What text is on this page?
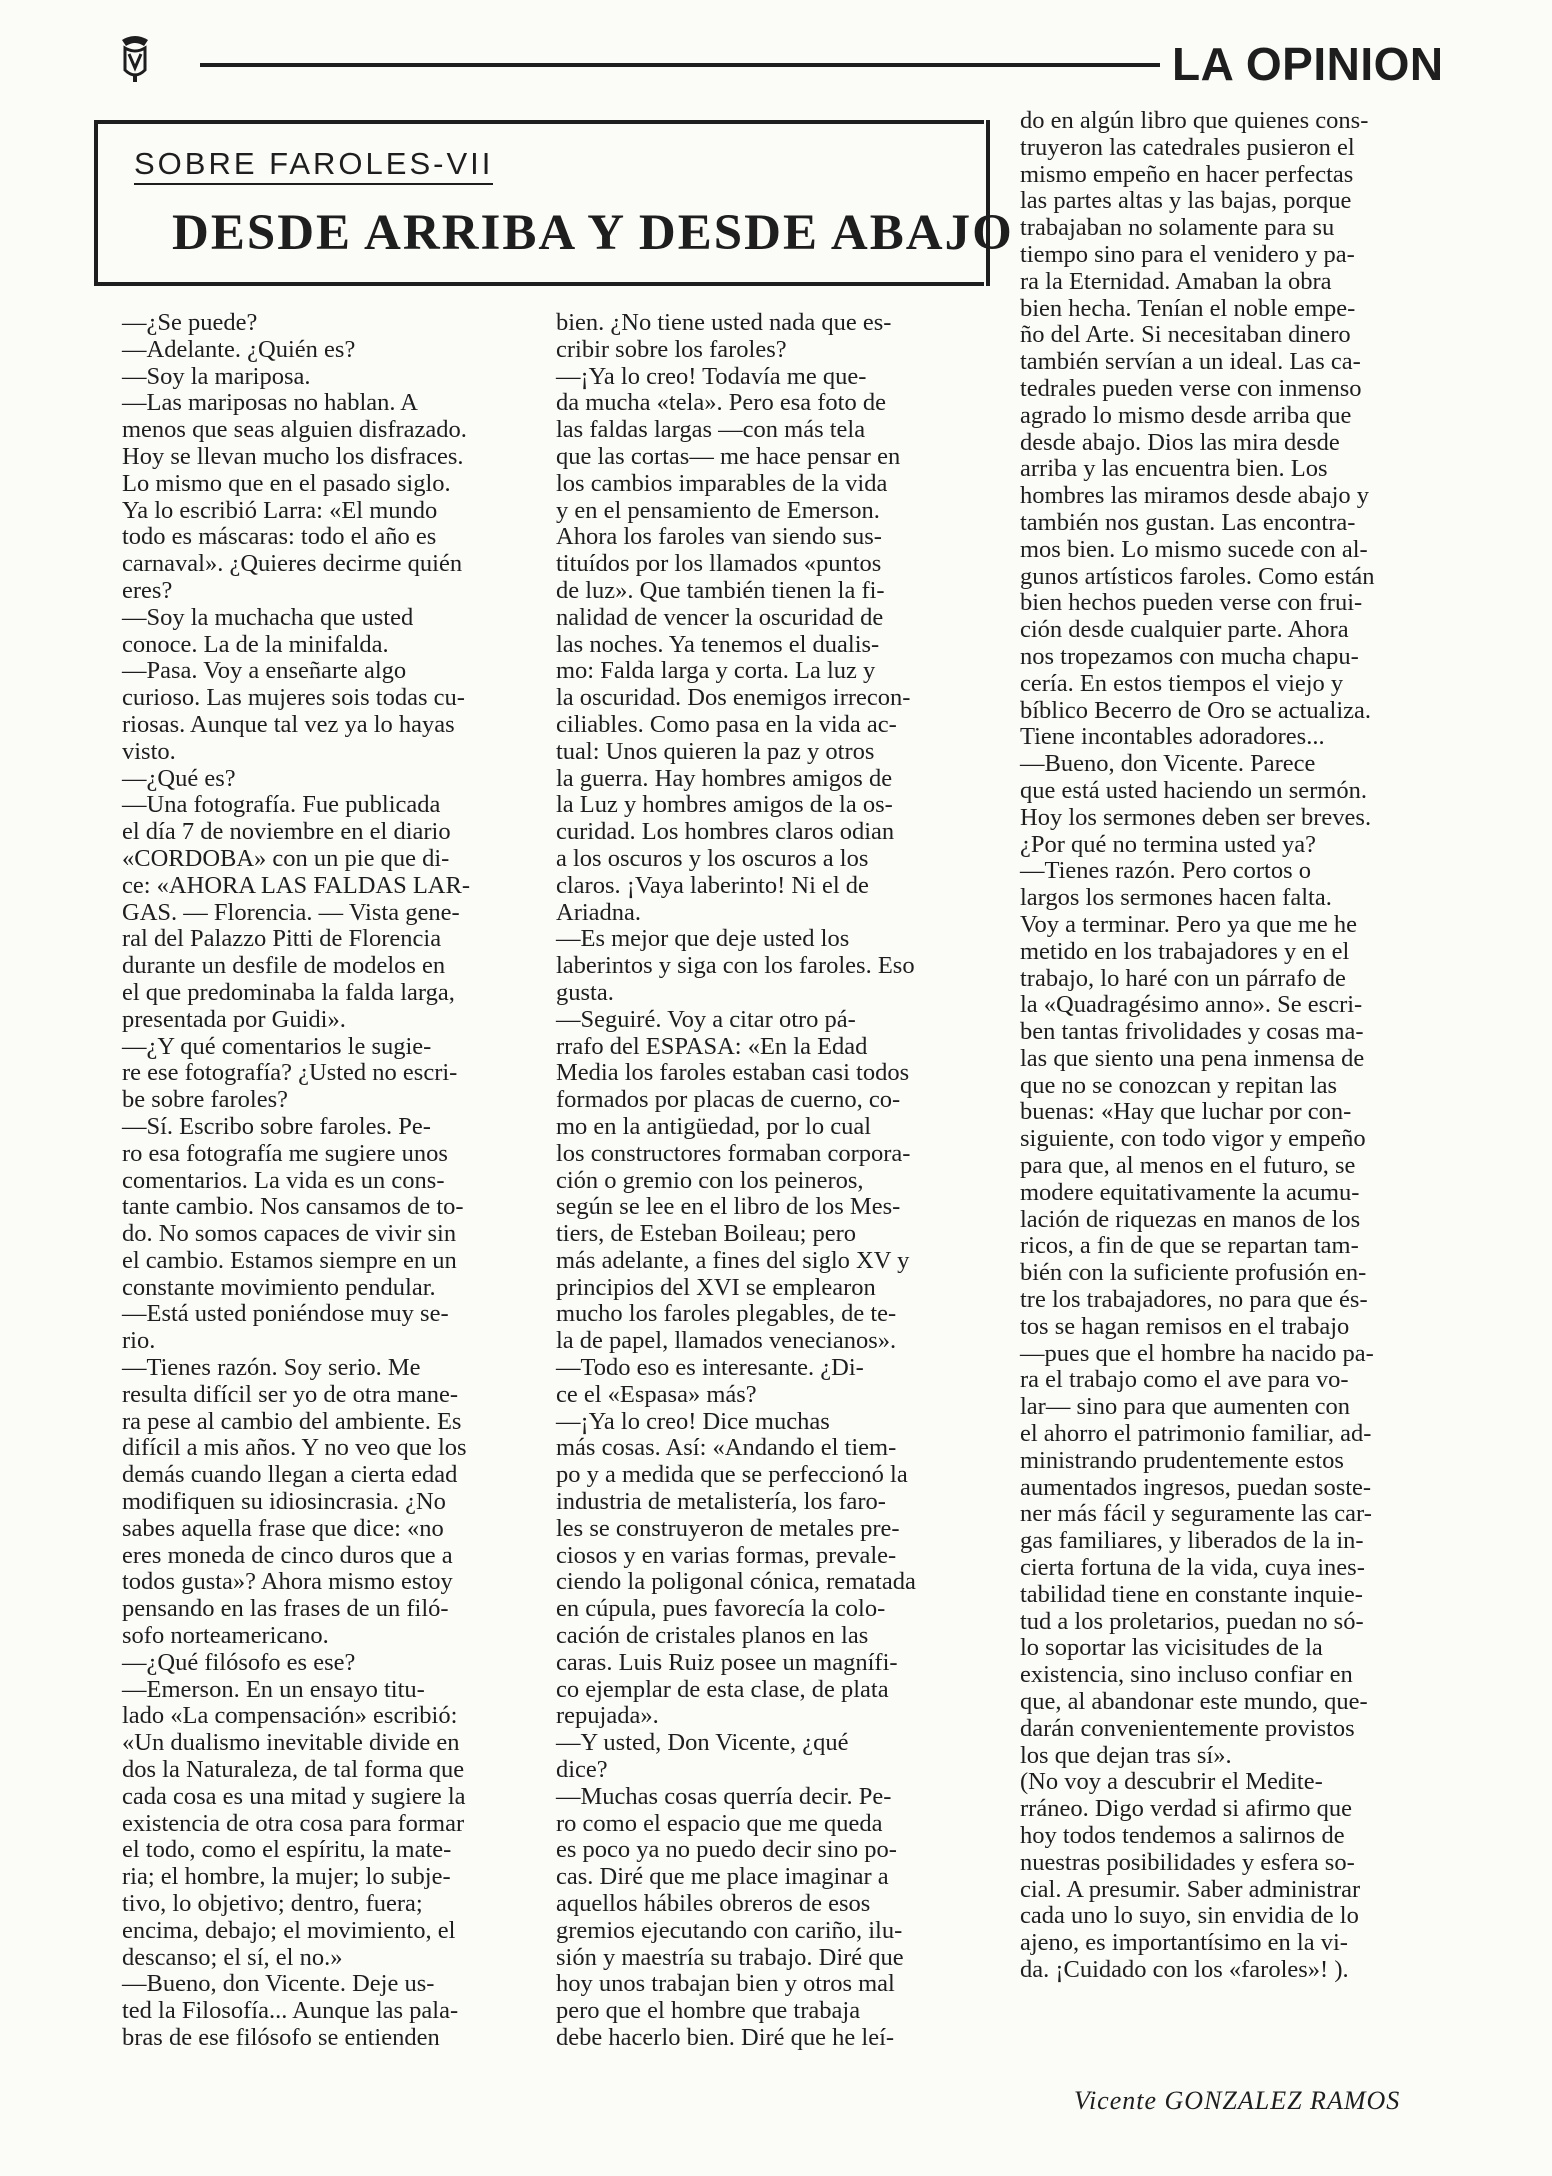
LA OPINION
SOBRE FAROLES-VII
DESDE ARRIBA Y DESDE ABAJO
—¿Se puede?
—Adelante. ¿Quién es?
—Soy la mariposa.
—Las mariposas no hablan. A
menos que seas alguien disfrazado.
Hoy se llevan mucho los disfraces.
Lo mismo que en el pasado siglo.
Ya lo escribió Larra: «El mundo
todo es máscaras: todo el año es
carnaval». ¿Quieres decirme quién
eres?
—Soy la muchacha que usted
conoce. La de la minifalda.
—Pasa. Voy a enseñarte algo
curioso. Las mujeres sois todas cu-
riosas. Aunque tal vez ya lo hayas
visto.
—¿Qué es?
—Una fotografía. Fue publicada
el día 7 de noviembre en el diario
«CORDOBA» con un pie que di-
ce: «AHORA LAS FALDAS LAR-
GAS. — Florencia. — Vista gene-
ral del Palazzo Pitti de Florencia
durante un desfile de modelos en
el que predominaba la falda larga,
presentada por Guidi».
—¿Y qué comentarios le sugie-
re ese fotografía? ¿Usted no escri-
be sobre faroles?
—Sí. Escribo sobre faroles. Pe-
ro esa fotografía me sugiere unos
comentarios. La vida es un cons-
tante cambio. Nos cansamos de to-
do. No somos capaces de vivir sin
el cambio. Estamos siempre en un
constante movimiento pendular.
—Está usted poniéndose muy se-
rio.
—Tienes razón. Soy serio. Me
resulta difícil ser yo de otra mane-
ra pese al cambio del ambiente. Es
difícil a mis años. Y no veo que los
demás cuando llegan a cierta edad
modifiquen su idiosincrasia. ¿No
sabes aquella frase que dice: «no
eres moneda de cinco duros que a
todos gusta»? Ahora mismo estoy
pensando en las frases de un filó-
sofo norteamericano.
—¿Qué filósofo es ese?
—Emerson. En un ensayo titu-
lado «La compensación» escribió:
«Un dualismo inevitable divide en
dos la Naturaleza, de tal forma que
cada cosa es una mitad y sugiere la
existencia de otra cosa para formar
el todo, como el espíritu, la mate-
ria; el hombre, la mujer; lo subje-
tivo, lo objetivo; dentro, fuera;
encima, debajo; el movimiento, el
descanso; el sí, el no.»
—Bueno, don Vicente. Deje us-
ted la Filosofía... Aunque las pala-
bras de ese filósofo se entienden
bien. ¿No tiene usted nada que es-
cribir sobre los faroles?
—¡Ya lo creo! Todavía me que-
da mucha «tela». Pero esa foto de
las faldas largas —con más tela
que las cortas— me hace pensar en
los cambios imparables de la vida
y en el pensamiento de Emerson.
Ahora los faroles van siendo sus-
tituídos por los llamados «puntos
de luz». Que también tienen la fi-
nalidad de vencer la oscuridad de
las noches. Ya tenemos el dualis-
mo: Falda larga y corta. La luz y
la oscuridad. Dos enemigos irrecon-
ciliables. Como pasa en la vida ac-
tual: Unos quieren la paz y otros
la guerra. Hay hombres amigos de
la Luz y hombres amigos de la os-
curidad. Los hombres claros odian
a los oscuros y los oscuros a los
claros. ¡Vaya laberinto! Ni el de
Ariadna.
—Es mejor que deje usted los
laberintos y siga con los faroles. Eso
gusta.
—Seguiré. Voy a citar otro pá-
rrafo del ESPASA: «En la Edad
Media los faroles estaban casi todos
formados por placas de cuerno, co-
mo en la antigüedad, por lo cual
los constructores formaban corpora-
ción o gremio con los peineros,
según se lee en el libro de los Mes-
tiers, de Esteban Boileau; pero
más adelante, a fines del siglo XV y
principios del XVI se emplearon
mucho los faroles plegables, de te-
la de papel, llamados venecianos».
—Todo eso es interesante. ¿Di-
ce el «Espasa» más?
—¡Ya lo creo! Dice muchas
más cosas. Así: «Andando el tiem-
po y a medida que se perfeccionó la
industria de metalistería, los faro-
les se construyeron de metales pre-
ciosos y en varias formas, prevale-
ciendo la poligonal cónica, rematada
en cúpula, pues favorecía la colo-
cación de cristales planos en las
caras. Luis Ruiz posee un magnífi-
co ejemplar de esta clase, de plata
repujada».
—Y usted, Don Vicente, ¿qué
dice?
—Muchas cosas querría decir. Pe-
ro como el espacio que me queda
es poco ya no puedo decir sino po-
cas. Diré que me place imaginar a
aquellos hábiles obreros de esos
gremios ejecutando con cariño, ilu-
sión y maestría su trabajo. Diré que
hoy unos trabajan bien y otros mal
pero que el hombre que trabaja
debe hacerlo bien. Diré que he leí-
do en algún libro que quienes cons-
truyeron las catedrales pusieron el
mismo empeño en hacer perfectas
las partes altas y las bajas, porque
trabajaban no solamente para su
tiempo sino para el venidero y pa-
ra la Eternidad. Amaban la obra
bien hecha. Tenían el noble empe-
ño del Arte. Si necesitaban dinero
también servían a un ideal. Las ca-
tedrales pueden verse con inmenso
agrado lo mismo desde arriba que
desde abajo. Dios las mira desde
arriba y las encuentra bien. Los
hombres las miramos desde abajo y
también nos gustan. Las encontra-
mos bien. Lo mismo sucede con al-
gunos artísticos faroles. Como están
bien hechos pueden verse con frui-
ción desde cualquier parte. Ahora
nos tropezamos con mucha chapu-
cería. En estos tiempos el viejo y
bíblico Becerro de Oro se actualiza.
Tiene incontables adoradores...
—Bueno, don Vicente. Parece
que está usted haciendo un sermón.
Hoy los sermones deben ser breves.
¿Por qué no termina usted ya?
—Tienes razón. Pero cortos o
largos los sermones hacen falta.
Voy a terminar. Pero ya que me he
metido en los trabajadores y en el
trabajo, lo haré con un párrafo de
la «Quadragésimo anno». Se escri-
ben tantas frivolidades y cosas ma-
las que siento una pena inmensa de
que no se conozcan y repitan las
buenas: «Hay que luchar por con-
siguiente, con todo vigor y empeño
para que, al menos en el futuro, se
modere equitativamente la acumu-
lación de riquezas en manos de los
ricos, a fin de que se repartan tam-
bién con la suficiente profusión en-
tre los trabajadores, no para que és-
tos se hagan remisos en el trabajo
—pues que el hombre ha nacido pa-
ra el trabajo como el ave para vo-
lar— sino para que aumenten con
el ahorro el patrimonio familiar, ad-
ministrando prudentemente estos
aumentados ingresos, puedan soste-
ner más fácil y seguramente las car-
gas familiares, y liberados de la in-
cierta fortuna de la vida, cuya ines-
tabilidad tiene en constante inquie-
tud a los proletarios, puedan no só-
lo soportar las vicisitudes de la
existencia, sino incluso confiar en
que, al abandonar este mundo, que-
darán convenientemente provistos
los que dejan tras sí».
(No voy a descubrir el Medite-
rráneo. Digo verdad si afirmo que
hoy todos tendemos a salirnos de
nuestras posibilidades y esfera so-
cial. A presumir. Saber administrar
cada uno lo suyo, sin envidia de lo
ajeno, es importantísimo en la vi-
da. ¡Cuidado con los «faroles»! ).
Vicente GONZALEZ RAMOS
